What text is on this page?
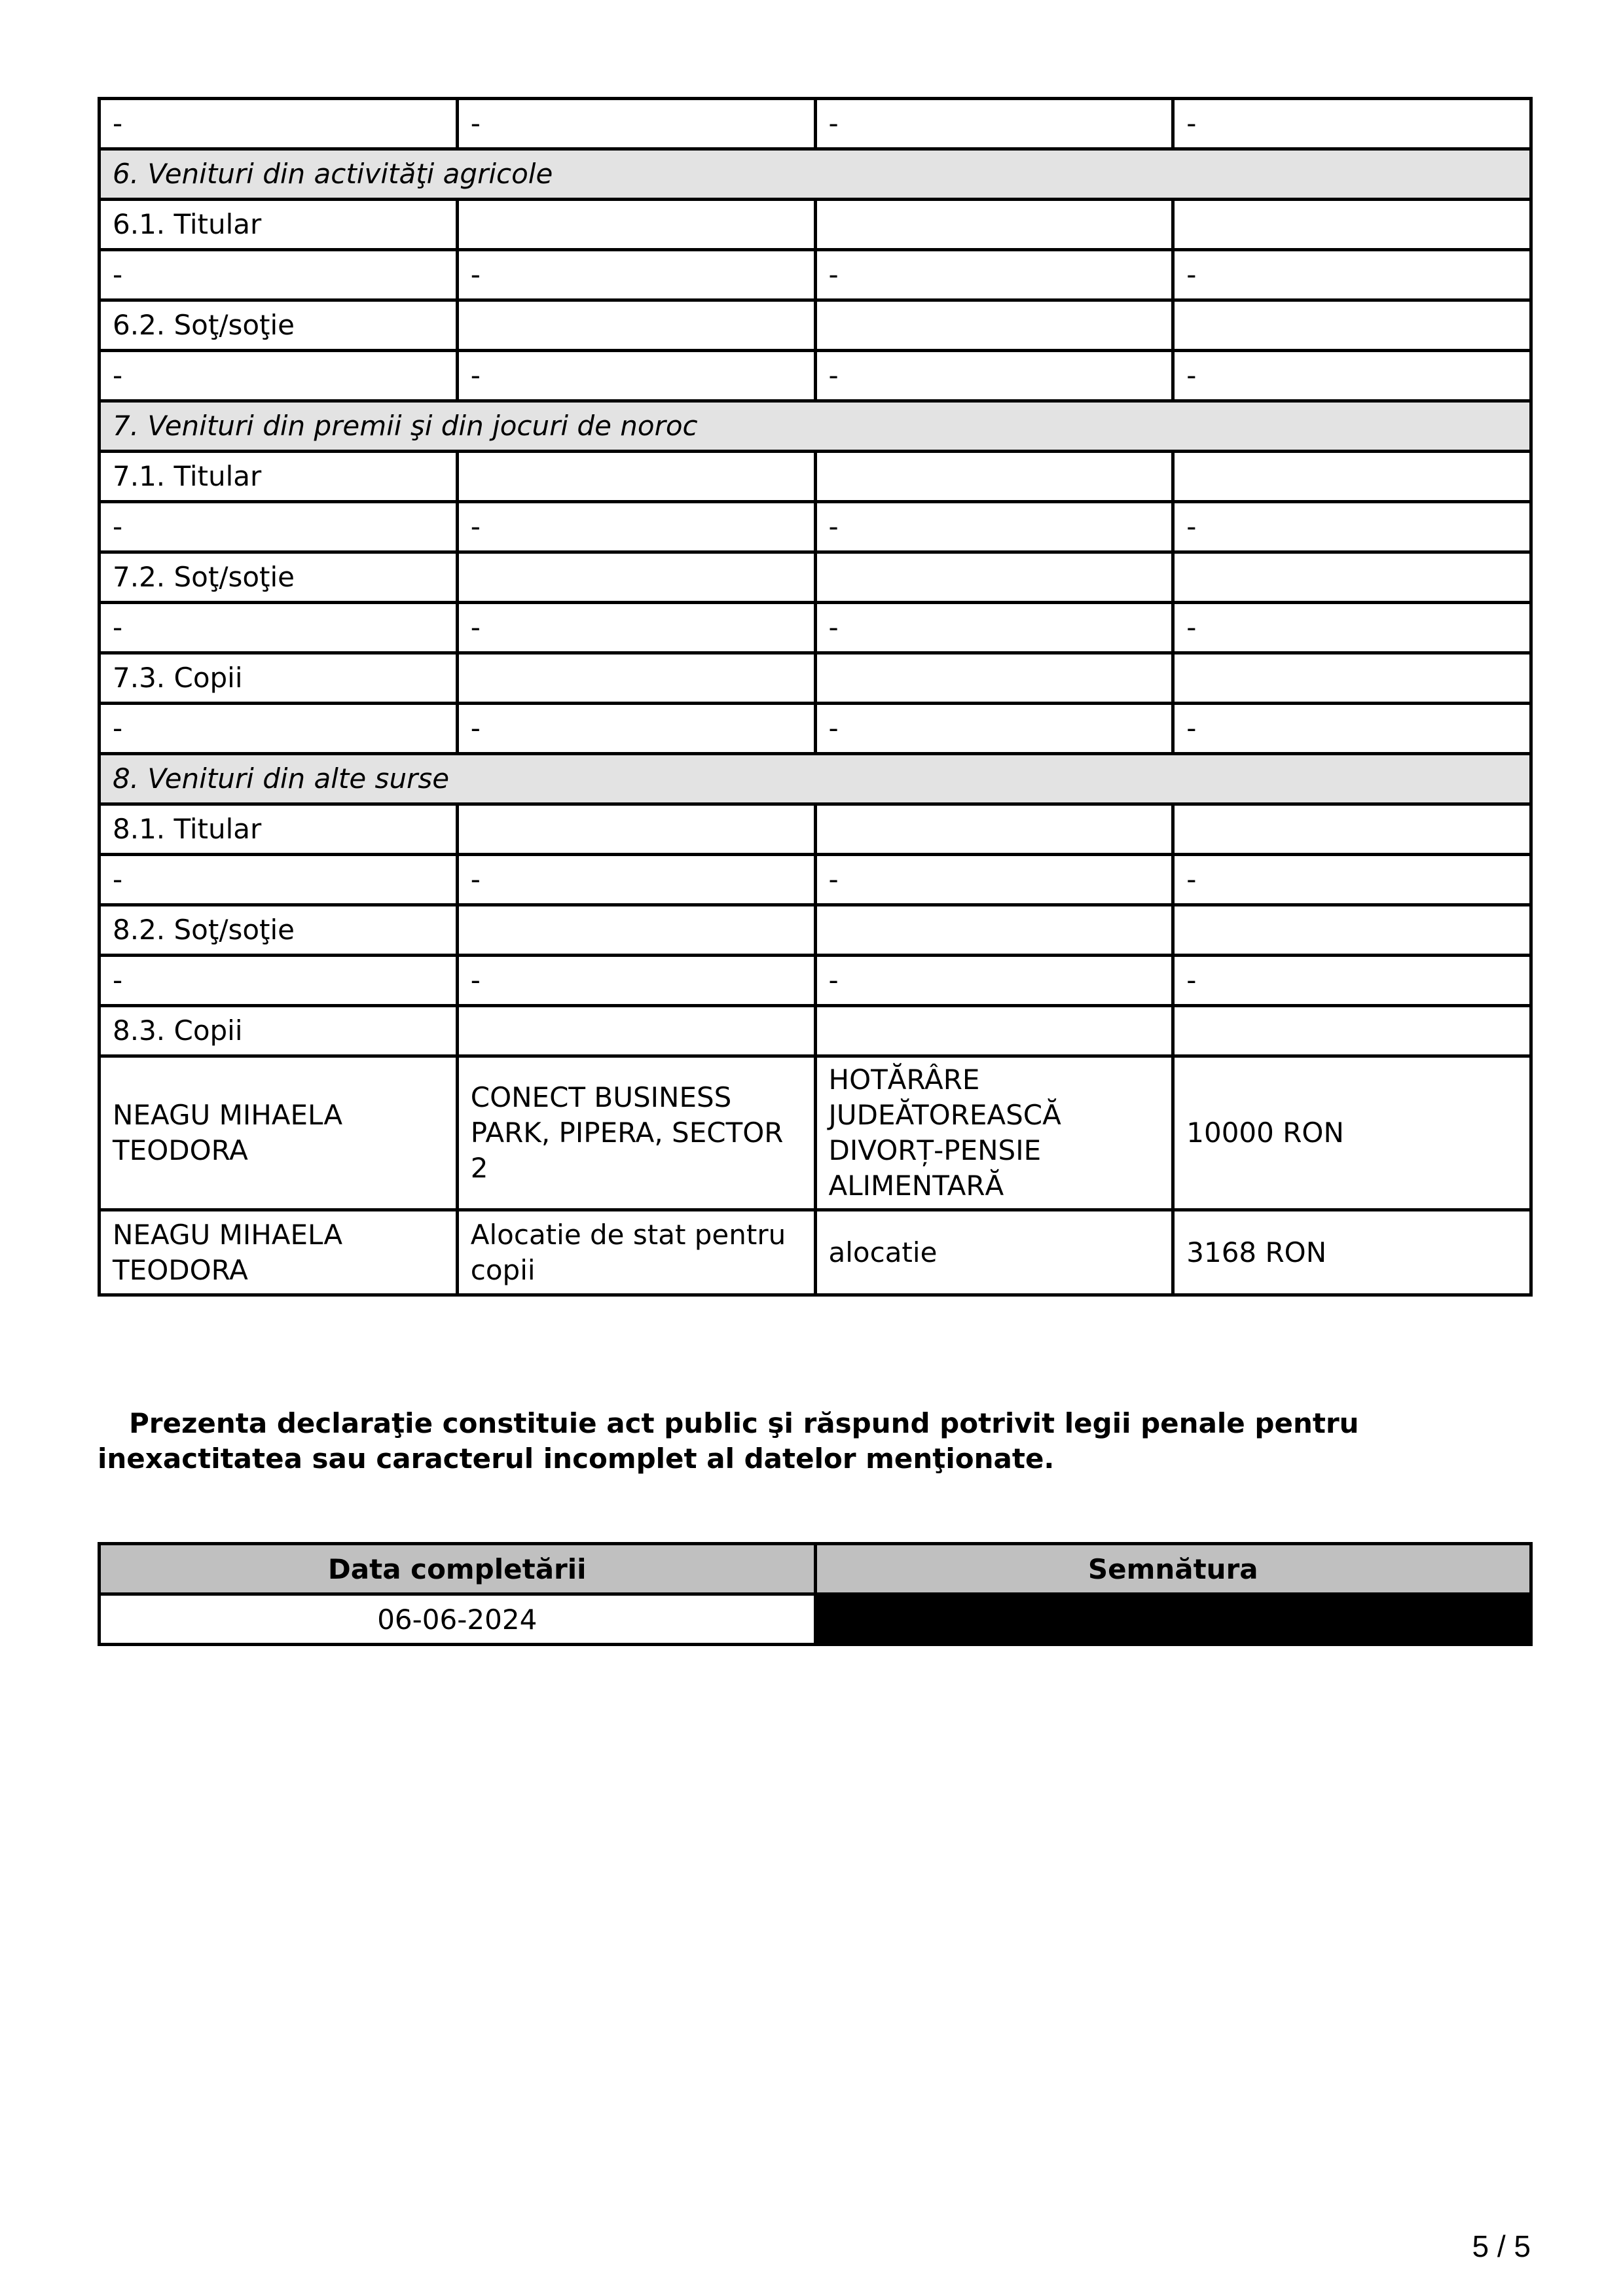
-	-	-	-
6. Venituri din activităţi agricole			
6.1. Titular			
-	-	-	-
6.2. Soţ/soţie			
-	-	-	-
7. Venituri din premii şi din jocuri de noroc			
7.1. Titular			
-	-	-	-
7.2. Soţ/soţie			
-	-	-	-
7.3. Copii			
-	-	-	-
8. Venituri din alte surse			
8.1. Titular			
-	-	-	-
8.2. Soţ/soţie			
-	-	-	-
8.3. Copii			
NEAGU MIHAELA TEODORA	CONECT BUSINESS PARK, PIPERA, SECTOR 2	HOTĂRÂRE JUDEĂTOREASCĂ DIVORȚ-PENSIE ALIMENTARĂ	10000 RON
NEAGU MIHAELA TEODORA	Alocatie de stat pentru copii	alocatie	3168 RON

Prezenta declaraţie constituie act public şi răspund potrivit legii penale pentru inexactitatea sau caracterul incomplet al datelor menţionate.

Data completării	Semnătura
06-06-2024	
5 / 5
